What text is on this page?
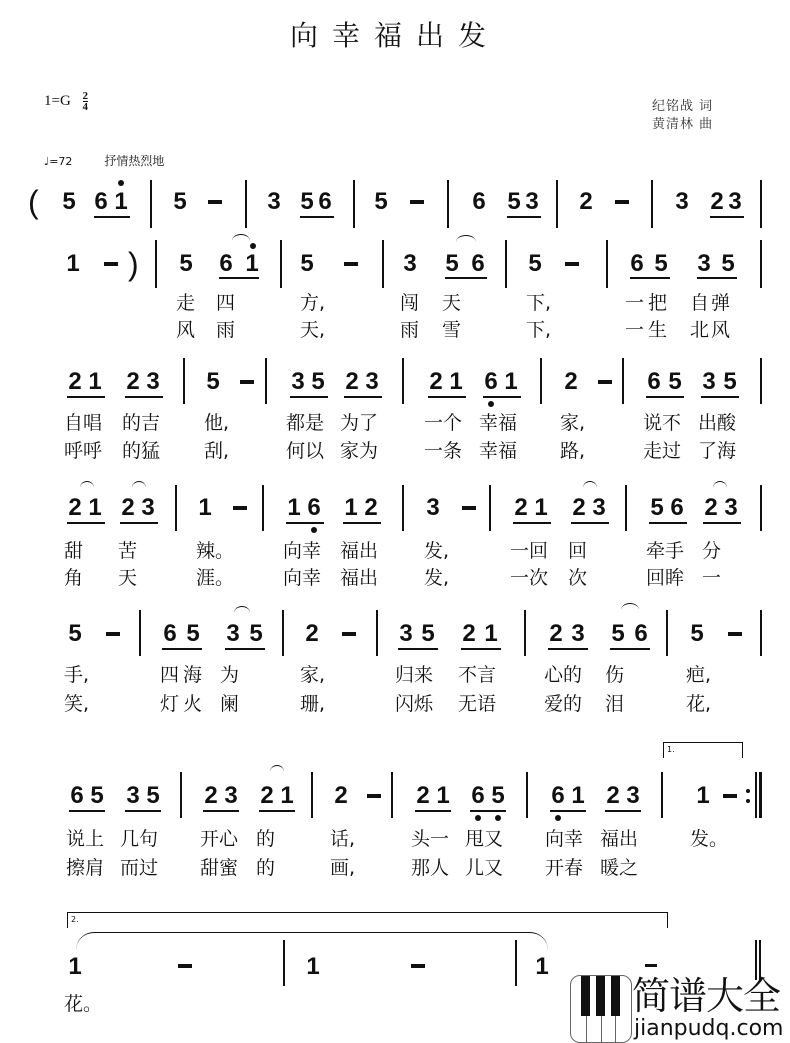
向幸福出发
$1=G \frac{2}{4}$	纪铭战 词
黄清林 曲
♩=72	抒情热烈地
( 5 6 1 5	3 5 6 5	6 5 3 2	3 2 3
1 ) 5 6 1 5	3 5 6 5	6 5 3 5
走 四	方,	闯 天	下,	一把 自弹
风 雨	天,	雨 雪	下,	一生 北风
2 1 2 3 5	3 5 2 3 2 1 6 1 2	6 5 3 5
自唱 的吉 他,	都是 为了 一个 幸福 家,	说不 出酸
呼呼 的猛 刮,	何以 家为 一条 幸福 路,	走过 了海
2 1 2 3 1	1 6 1 2 3	2 1 2 3 5 6 2 3
甜 苦	辣。	向幸 福出 发,	一回 回	牵手 分
角 天	涯。	向幸 福出 发,	一次 次	回眸 一
5	6 5 3 5 2	3 5 2 1 2 3 5 6 5
手,	四海 为	家,	归来 不言	心的 伤	疤,
笑,	灯火 阑	珊,	闪烁 无语	爱的 泪	花,
6 5 3 5 2 3 2 1 2	2 1 6 5 6 1 2 3
1.
1
说上 几句 开心 的	话,	头一 甩又 向幸 福出	发。
擦肩 而过 甜蜜 的	画,	那人 儿又 开春 暖之
2.
1	1	1
花。	简谱大全
jianpudq.com
